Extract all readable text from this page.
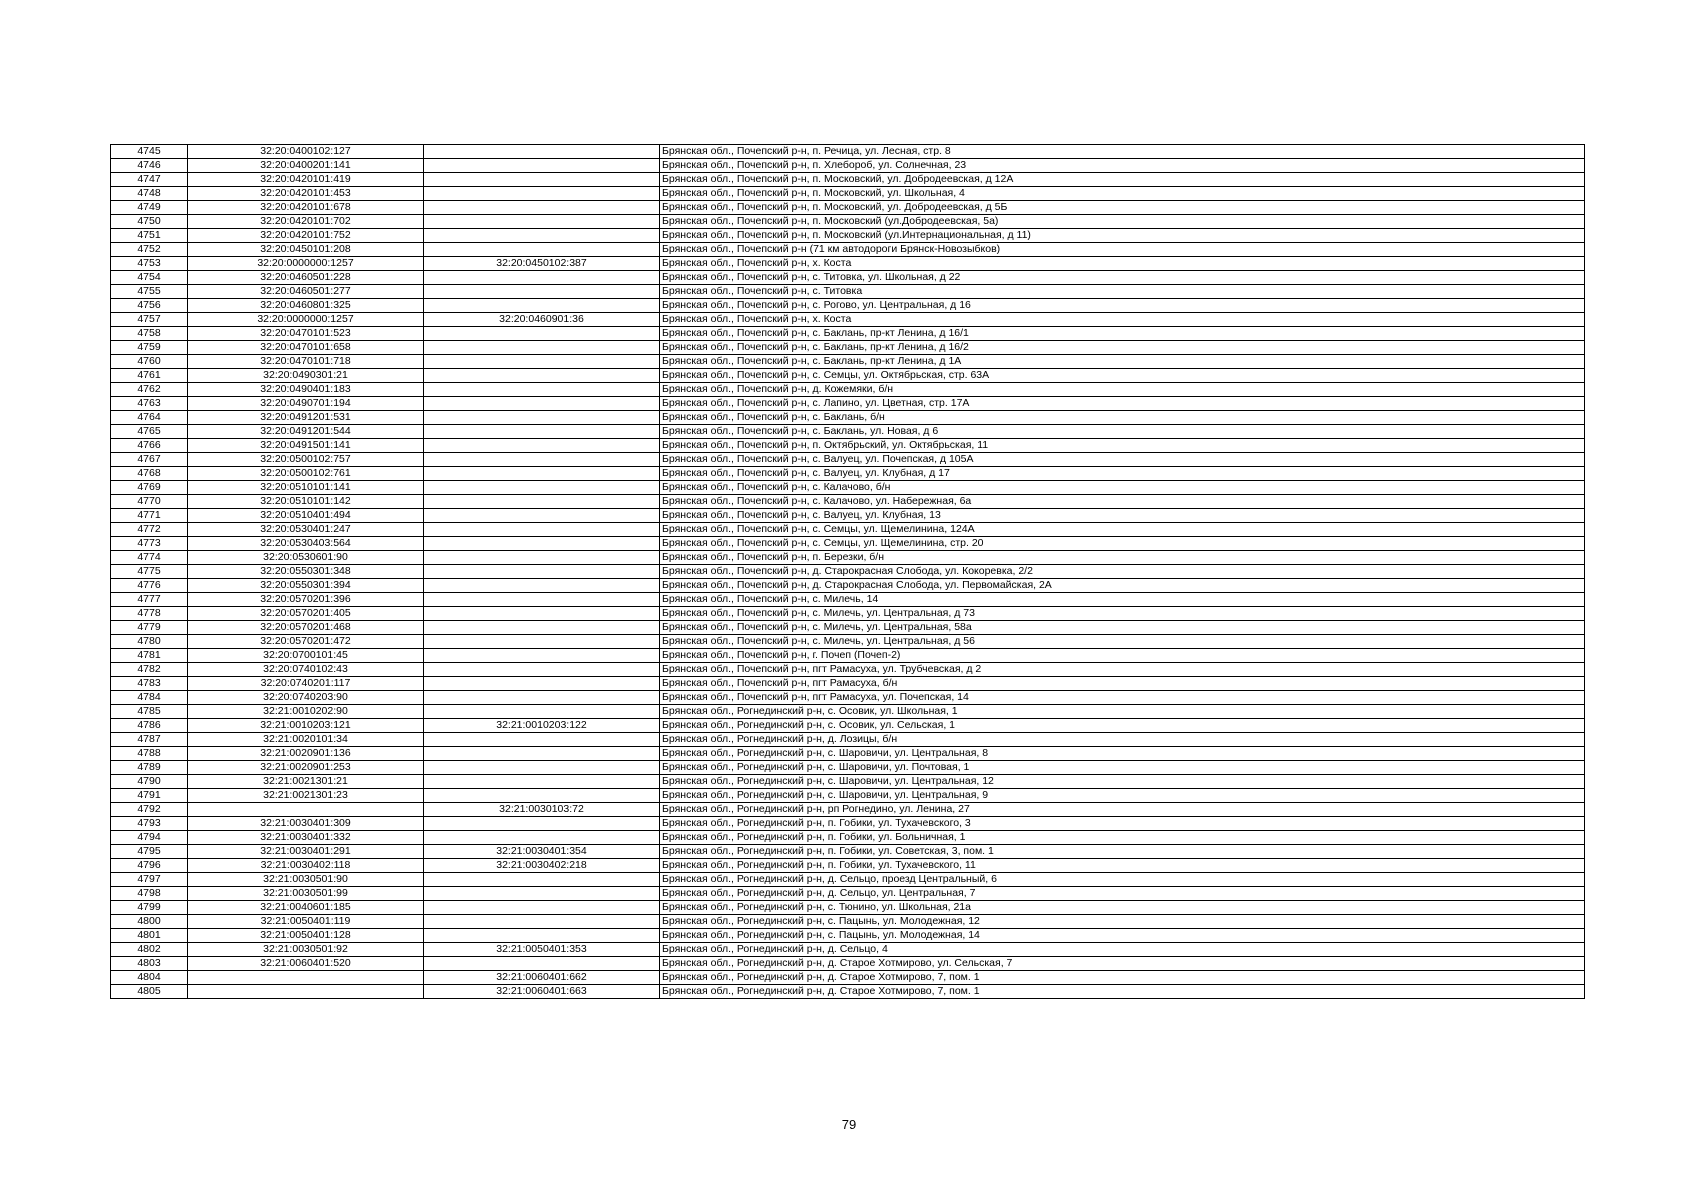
4745	32:20:0400102:127		Брянская обл., Почепский р-н, п. Речица, ул. Лесная, стр. 8
4746	32:20:0400201:141		Брянская обл., Почепский р-н, п. Хлебороб, ул. Солнечная, 23
4747	32:20:0420101:419		Брянская обл., Почепский р-н, п. Московский, ул. Добродеевская, д 12А
4748	32:20:0420101:453		Брянская обл., Почепский р-н, п. Московский, ул. Школьная, 4
4749	32:20:0420101:678		Брянская обл., Почепский р-н, п. Московский, ул. Добродеевская, д 5Б
4750	32:20:0420101:702		Брянская обл., Почепский р-н, п. Московский (ул.Добродеевская, 5а)
4751	32:20:0420101:752		Брянская обл., Почепский р-н, п. Московский (ул.Интернациональная, д 11)
4752	32:20:0450101:208		Брянская обл., Почепский р-н (71 км автодороги Брянск-Новозыбков)
4753	32:20:0000000:1257	32:20:0450102:387	Брянская обл., Почепский р-н, х. Коста
4754	32:20:0460501:228		Брянская обл., Почепский р-н, с. Титовка, ул. Школьная, д 22
4755	32:20:0460501:277		Брянская обл., Почепский р-н, с. Титовка
4756	32:20:0460801:325		Брянская обл., Почепский р-н, с. Рогово, ул. Центральная, д 16
4757	32:20:0000000:1257	32:20:0460901:36	Брянская обл., Почепский р-н, х. Коста
4758	32:20:0470101:523		Брянская обл., Почепский р-н, с. Баклань, пр-кт Ленина, д 16/1
4759	32:20:0470101:658		Брянская обл., Почепский р-н, с. Баклань, пр-кт Ленина, д 16/2
4760	32:20:0470101:718		Брянская обл., Почепский р-н, с. Баклань, пр-кт Ленина, д 1А
4761	32:20:0490301:21		Брянская обл., Почепский р-н, с. Семцы, ул. Октябрьская, стр. 63А
4762	32:20:0490401:183		Брянская обл., Почепский р-н, д. Кожемяки, б/н
4763	32:20:0490701:194		Брянская обл., Почепский р-н, с. Лапино, ул. Цветная, стр. 17А
4764	32:20:0491201:531		Брянская обл., Почепский р-н, с. Баклань, б/н
4765	32:20:0491201:544		Брянская обл., Почепский р-н, с. Баклань, ул. Новая, д 6
4766	32:20:0491501:141		Брянская обл., Почепский р-н, п. Октябрьский, ул. Октябрьская, 11
4767	32:20:0500102:757		Брянская обл., Почепский р-н, с. Валуец, ул. Почепская, д 105А
4768	32:20:0500102:761		Брянская обл., Почепский р-н, с. Валуец, ул. Клубная, д 17
4769	32:20:0510101:141		Брянская обл., Почепский р-н, с. Калачово, б/н
4770	32:20:0510101:142		Брянская обл., Почепский р-н, с. Калачово, ул. Набережная, 6а
4771	32:20:0510401:494		Брянская обл., Почепский р-н, с. Валуец, ул. Клубная, 13
4772	32:20:0530401:247		Брянская обл., Почепский р-н, с. Семцы, ул. Щемелинина, 124А
4773	32:20:0530403:564		Брянская обл., Почепский р-н, с. Семцы, ул. Щемелинина, стр. 20
4774	32:20:0530601:90		Брянская обл., Почепский р-н, п. Березки, б/н
4775	32:20:0550301:348		Брянская обл., Почепский р-н, д. Старокрасная Слобода, ул. Кокоревка, 2/2
4776	32:20:0550301:394		Брянская обл., Почепский р-н, д. Старокрасная Слобода, ул. Первомайская, 2А
4777	32:20:0570201:396		Брянская обл., Почепский р-н, с. Милечь, 14
4778	32:20:0570201:405		Брянская обл., Почепский р-н, с. Милечь, ул. Центральная, д 73
4779	32:20:0570201:468		Брянская обл., Почепский р-н, с. Милечь, ул. Центральная, 58а
4780	32:20:0570201:472		Брянская обл., Почепский р-н, с. Милечь, ул. Центральная, д 56
4781	32:20:0700101:45		Брянская обл., Почепский р-н, г. Почеп (Почеп-2)
4782	32:20:0740102:43		Брянская обл., Почепский р-н, пгт Рамасуха, ул. Трубчевская, д 2
4783	32:20:0740201:117		Брянская обл., Почепский р-н, пгт Рамасуха, б/н
4784	32:20:0740203:90		Брянская обл., Почепский р-н, пгт Рамасуха, ул. Почепская, 14
4785	32:21:0010202:90		Брянская обл., Рогнединский р-н, с. Осовик, ул. Школьная, 1
4786	32:21:0010203:121	32:21:0010203:122	Брянская обл., Рогнединский р-н, с. Осовик, ул. Сельская, 1
4787	32:21:0020101:34		Брянская обл., Рогнединский р-н, д. Лозицы, б/н
4788	32:21:0020901:136		Брянская обл., Рогнединский р-н, с. Шаровичи, ул. Центральная, 8
4789	32:21:0020901:253		Брянская обл., Рогнединский р-н, с. Шаровичи, ул. Почтовая, 1
4790	32:21:0021301:21		Брянская обл., Рогнединский р-н, с. Шаровичи, ул. Центральная, 12
4791	32:21:0021301:23		Брянская обл., Рогнединский р-н, с. Шаровичи, ул. Центральная, 9
4792		32:21:0030103:72	Брянская обл., Рогнединский р-н, рп Рогнедино, ул. Ленина, 27
4793	32:21:0030401:309		Брянская обл., Рогнединский р-н, п. Гобики, ул. Тухачевского, 3
4794	32:21:0030401:332		Брянская обл., Рогнединский р-н, п. Гобики, ул. Больничная, 1
4795	32:21:0030401:291	32:21:0030401:354	Брянская обл., Рогнединский р-н, п. Гобики, ул. Советская, 3, пом. 1
4796	32:21:0030402:118	32:21:0030402:218	Брянская обл., Рогнединский р-н, п. Гобики, ул. Тухачевского, 11
4797	32:21:0030501:90		Брянская обл., Рогнединский р-н, д. Сельцо, проезд Центральный, 6
4798	32:21:0030501:99		Брянская обл., Рогнединский р-н, д. Сельцо, ул. Центральная, 7
4799	32:21:0040601:185		Брянская обл., Рогнединский р-н, с. Тюнино, ул. Школьная, 21а
4800	32:21:0050401:119		Брянская обл., Рогнединский р-н, с. Пацынь, ул. Молодежная, 12
4801	32:21:0050401:128		Брянская обл., Рогнединский р-н, с. Пацынь, ул. Молодежная, 14
4802	32:21:0030501:92	32:21:0050401:353	Брянская обл., Рогнединский р-н, д. Сельцо, 4
4803	32:21:0060401:520		Брянская обл., Рогнединский р-н, д. Старое Хотмирово, ул. Сельская, 7
4804		32:21:0060401:662	Брянская обл., Рогнединский р-н, д. Старое Хотмирово, 7, пом. 1
4805		32:21:0060401:663	Брянская обл., Рогнединский р-н, д. Старое Хотмирово, 7, пом. 1
79
